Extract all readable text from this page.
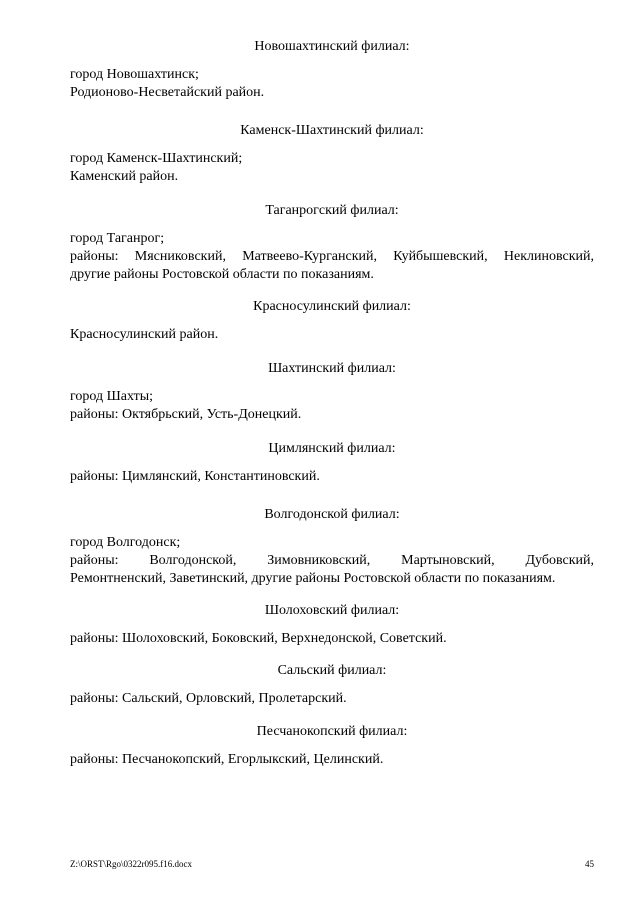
Новошахтинский филиал:
город Новошахтинск;
Родионово-Несветайский район.
Каменск-Шахтинский филиал:
город Каменск-Шахтинский;
Каменский район.
Таганрогский филиал:
город Таганрог;
районы: Мясниковский, Матвеево-Курганский, Куйбышевский, Неклиновский,
другие районы Ростовской области по показаниям.
Красносулинский филиал:
Красносулинский район.
Шахтинский филиал:
город Шахты;
районы: Октябрьский, Усть-Донецкий.
Цимлянский филиал:
районы: Цимлянский, Константиновский.
Волгодонской филиал:
город Волгодонск;
районы: Волгодонской, Зимовниковский, Мартыновский, Дубовский,
Ремонтненский, Заветинский, другие районы Ростовской области по показаниям.
Шолоховский филиал:
районы: Шолоховский, Боковский, Верхнедонской, Советский.
Сальский филиал:
районы: Сальский, Орловский, Пролетарский.
Песчанокопский филиал:
районы: Песчанокопский, Егорлыкский, Целинский.
Z:\ORST\Rgo\0322r095.f16.docx	45
